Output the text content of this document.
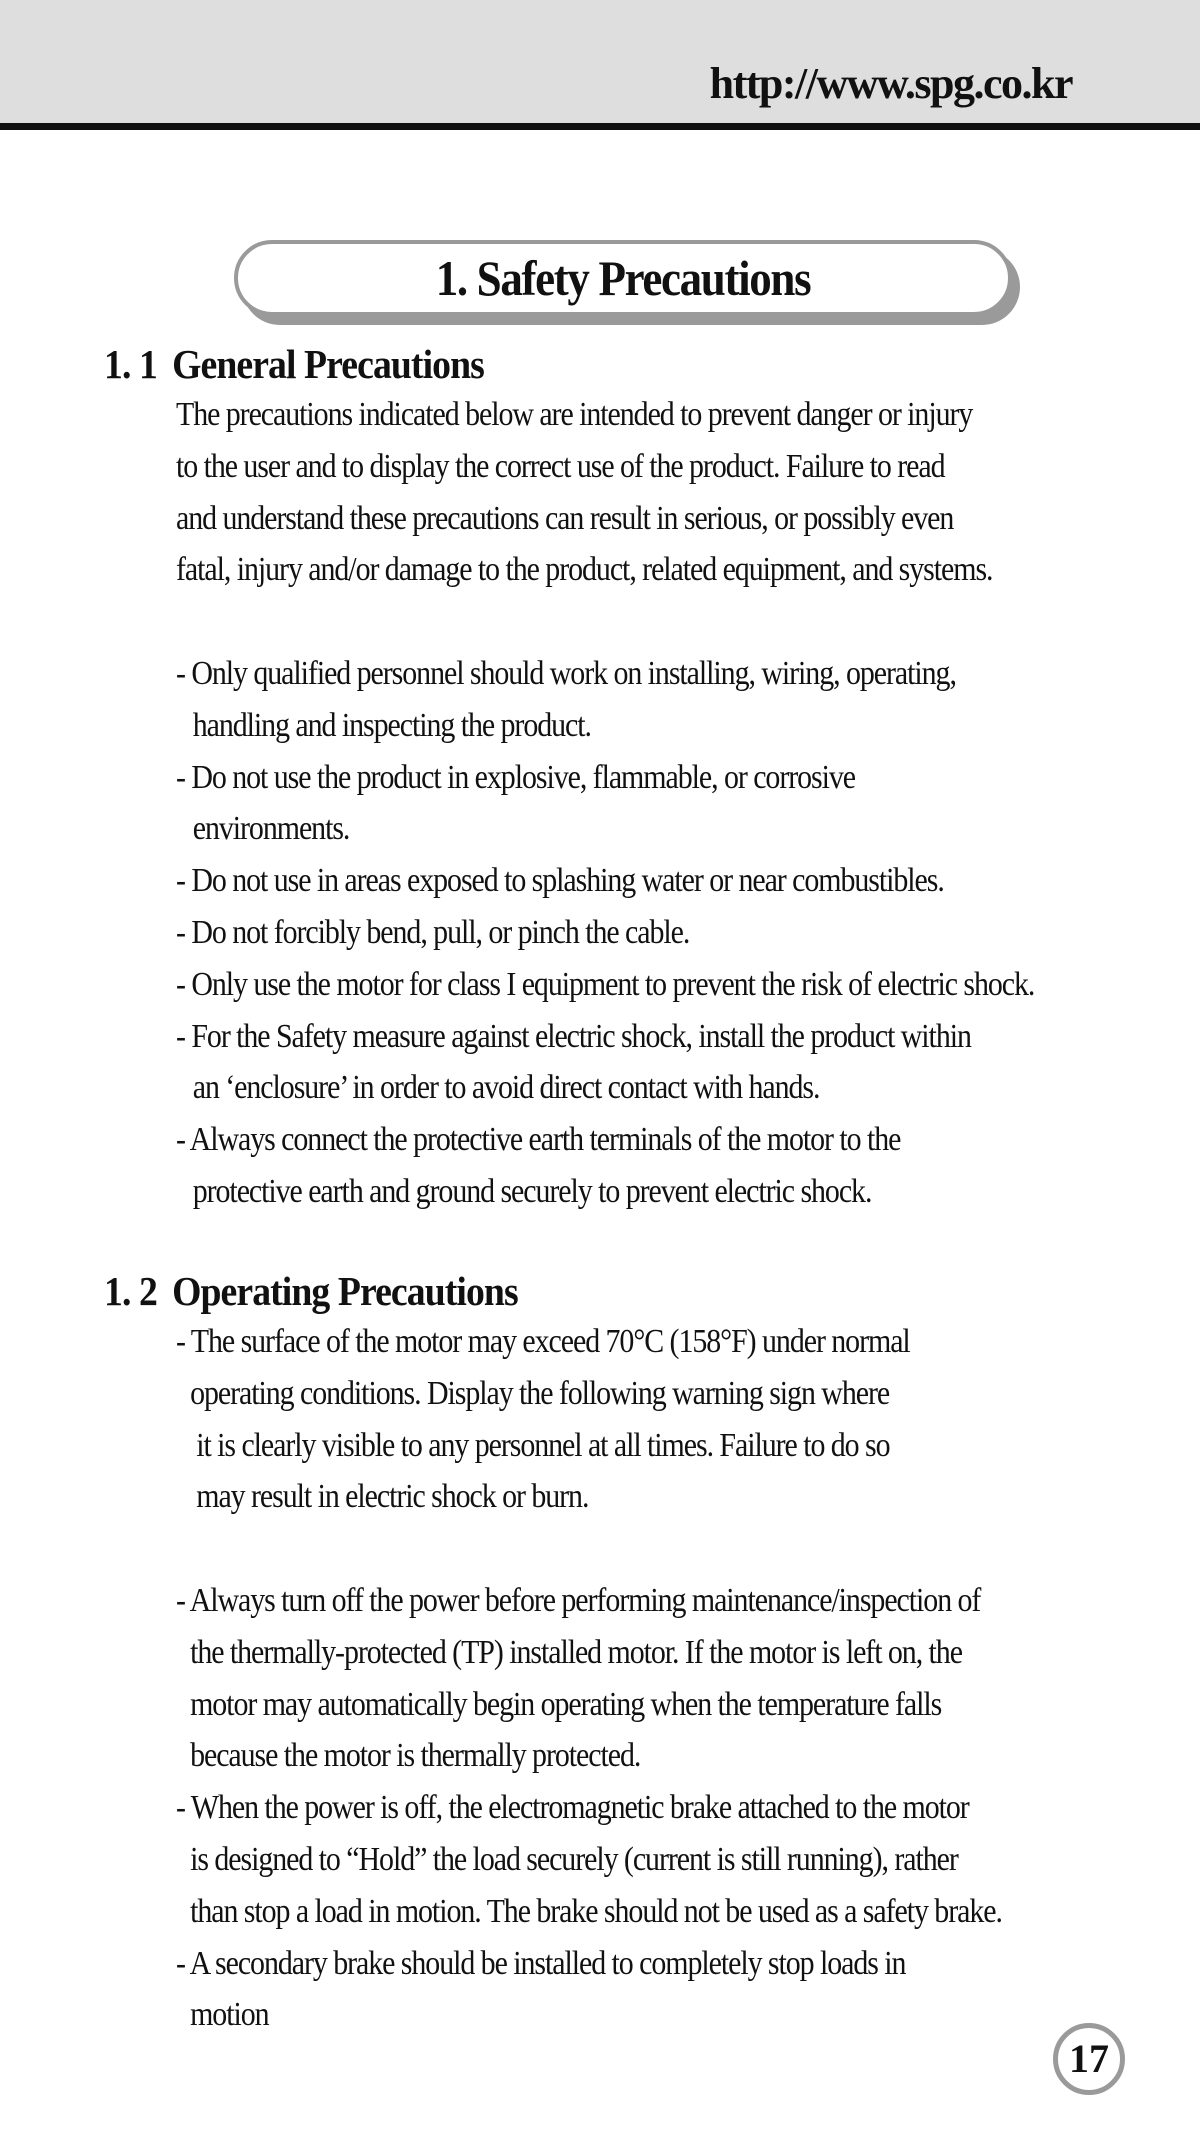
http://www.spg.co.kr
1. Safety Precautions
1. 1 General Precautions
The precautions indicated below are intended to prevent danger or injury
to the user and to display the correct use of the product. Failure to read
and understand these precautions can result in serious, or possibly even
fatal, injury and/or damage to the product, related equipment, and systems.
- Only qualified personnel should work on installing, wiring, operating,
handling and inspecting the product.
- Do not use the product in explosive, flammable, or corrosive
environments.
- Do not use in areas exposed to splashing water or near combustibles.
- Do not forcibly bend, pull, or pinch the cable.
- Only use the motor for class I equipment to prevent the risk of electric shock.
- For the Safety measure against electric shock, install the product within
an ‘enclosure’ in order to avoid direct contact with hands.
- Always connect the protective earth terminals of the motor to the
protective earth and ground securely to prevent electric shock.
1. 2 Operating Precautions
- The surface of the motor may exceed 70°C (158°F) under normal
operating conditions. Display the following warning sign where
it is clearly visible to any personnel at all times. Failure to do so
may result in electric shock or burn.
- Always turn off the power before performing maintenance/inspection of
the thermally-protected (TP) installed motor. If the motor is left on, the
motor may automatically begin operating when the temperature falls
because the motor is thermally protected.
- When the power is off, the electromagnetic brake attached to the motor
is designed to “Hold” the load securely (current is still running), rather
than stop a load in motion. The brake should not be used as a safety brake.
- A secondary brake should be installed to completely stop loads in
motion
17
